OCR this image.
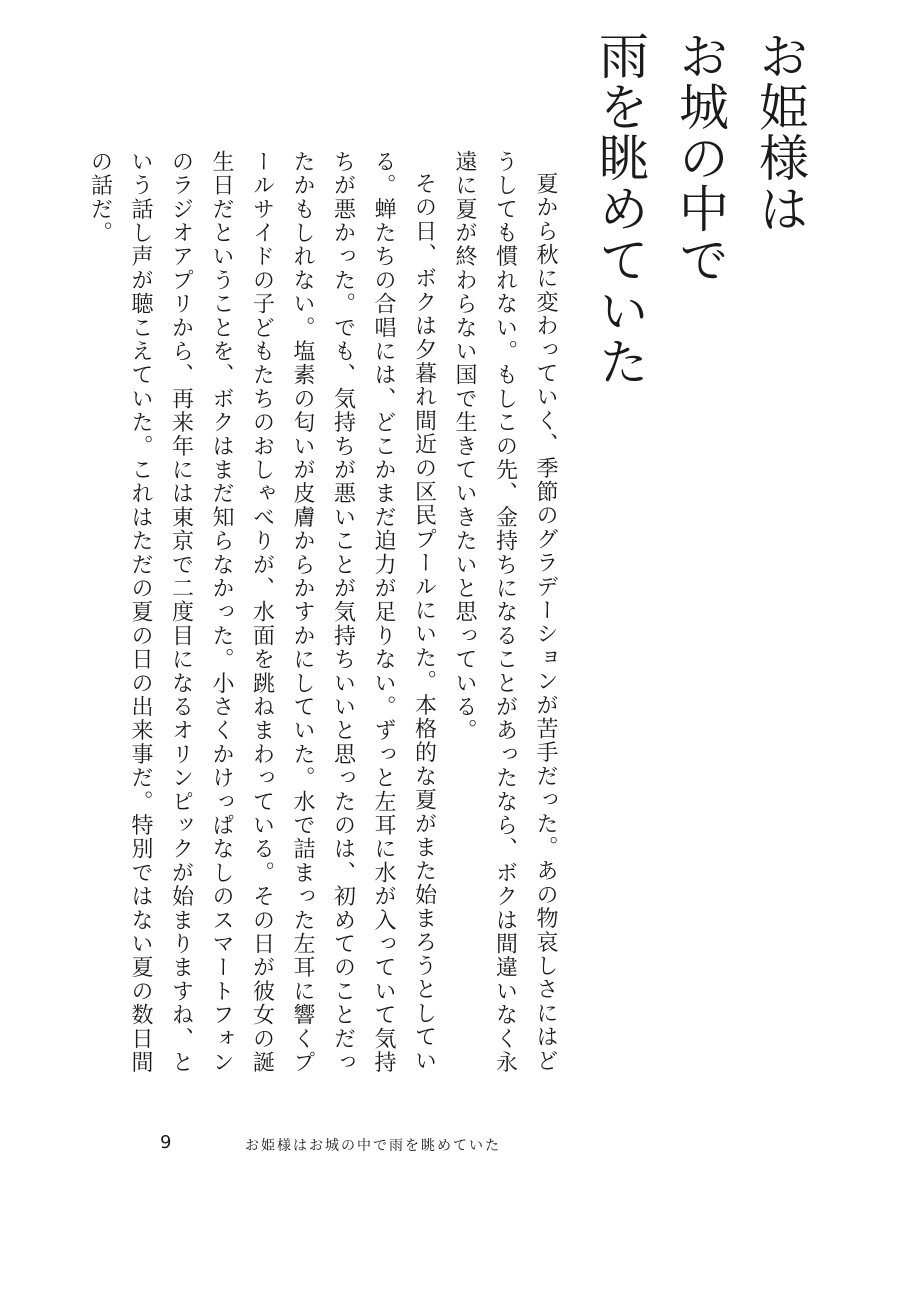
お姫様は
お城の中で
雨を眺めていた

夏から秋に変わっていく、季節のグラデーションが苦手だった。あの物哀しさにはどうしても慣れない。もしこの先、金持ちになることがあったなら、ボクは間違いなく永遠に夏が終わらない国で生きていきたいと思っている。

その日、ボクは夕暮れ間近の区民プールにいた。本格的な夏がまた始まろうとしている。蝉たちの合唱には、どこかまだ迫力が足りない。ずっと左耳に水が入っていて気持ちが悪かった。でも、気持ちが悪いことが気持ちいいと思ったのは、初めてのことだったかもしれない。塩素の匂いが皮膚からかすかにしていた。水で詰まった左耳に響くプールサイドの子どもたちのおしゃべりが、水面を跳ねまわっている。その日が彼女の誕生日だということを、ボクはまだ知らなかった。小さくかけっぱなしのスマートフォンのラジオアプリから、再来年には東京で二度目になるオリンピックが始まりますね、という話し声が聴こえていた。これはただの夏の日の出来事だ。特別ではない夏の数日間の話だ。

9	お姫様はお城の中で雨を眺めていた
